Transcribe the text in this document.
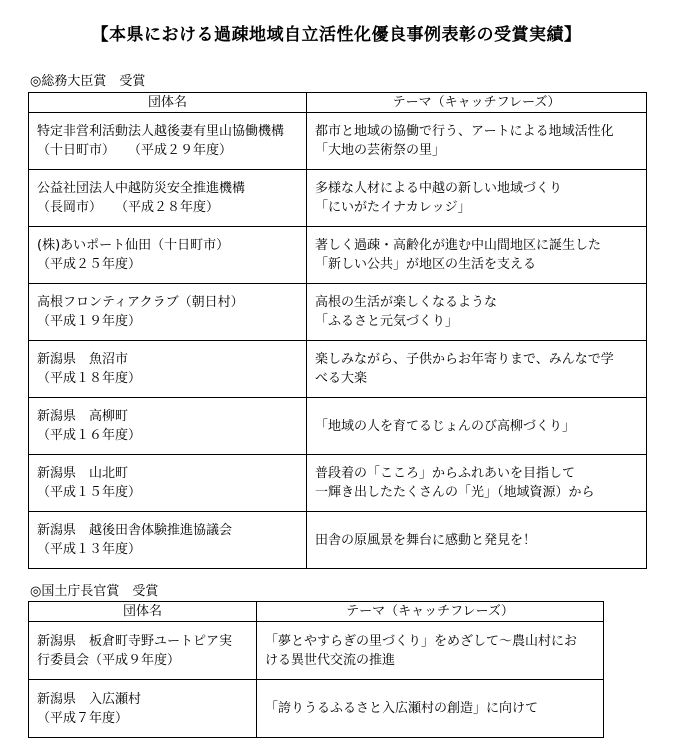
【本県における過疎地域自立活性化優良事例表彰の受賞実績】
◎総務大臣賞　受賞
団体名	テーマ（キャッチフレーズ）

特定非営利活動法人越後妻有里山協働機構
（十日町市）　　（平成２９年度）	都市と地域の協働で行う、アートによる地域活性化
「大地の芸術祭の里」

公益社団法人中越防災安全推進機構
（長岡市）　　（平成２８年度）	多様な人材による中越の新しい地域づくり
「にいがたイナカレッジ」

(株)あいポート仙田（十日町市）
（平成２５年度）	著しく過疎・高齢化が進む中山間地区に誕生した
「新しい公共」が地区の生活を支える

高根フロンティアクラブ（朝日村）
（平成１９年度）	高根の生活が楽しくなるような
「ふるさと元気づくり」

新潟県　魚沼市
（平成１８年度）	楽しみながら、子供からお年寄りまで、みんなで学
べる大楽

新潟県　高柳町
（平成１６年度）	「地域の人を育てるじょんのび高柳づくり」

新潟県　山北町
（平成１５年度）	普段着の「こころ」からふれあいを目指して
一輝き出したたくさんの「光」（地域資源）から

新潟県　越後田舎体験推進協議会
（平成１３年度）	田舎の原風景を舞台に感動と発見を！
◎国土庁長官賞　受賞
団体名	テーマ（キャッチフレーズ）

新潟県　板倉町寺野ユートピア実
行委員会（平成９年度）	「夢とやすらぎの里づくり」をめざして～農山村にお
ける異世代交流の推進

新潟県　入広瀬村
（平成７年度）	「誇りうるふるさと入広瀬村の創造」に向けて
